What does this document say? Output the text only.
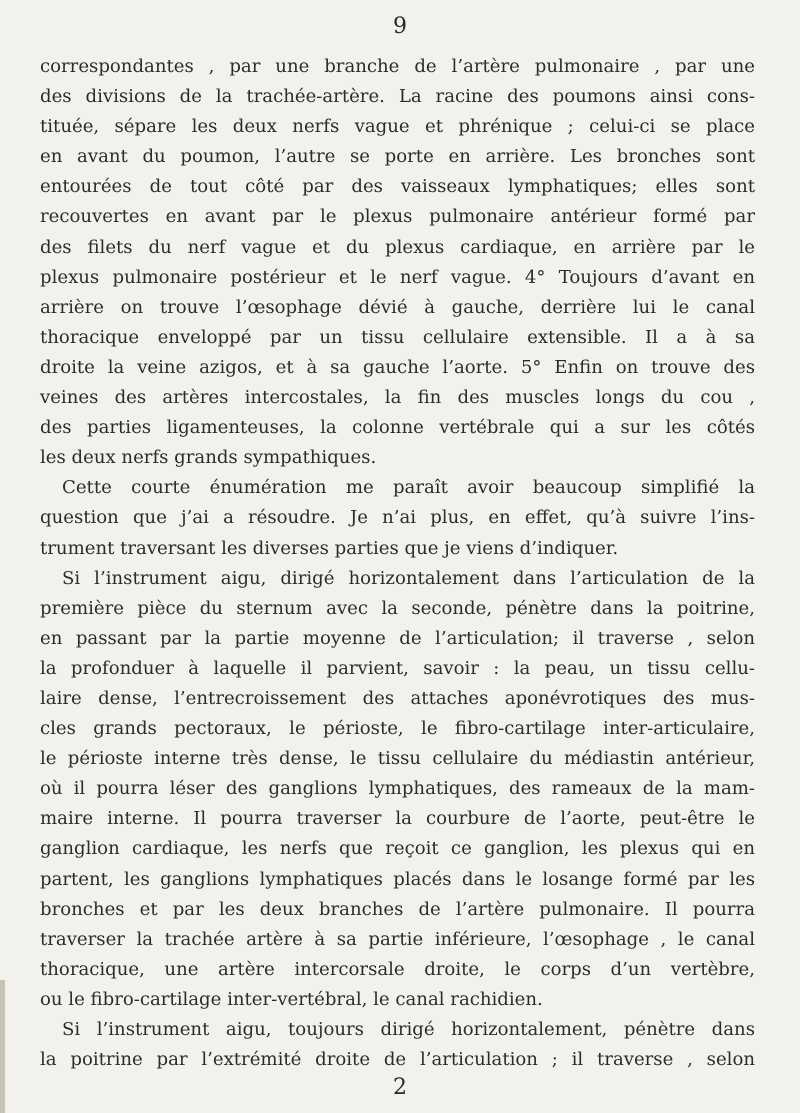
9
correspondantes , par une branche de l’artère pulmonaire , par une
des divisions de la trachée-artère. La racine des poumons ainsi cons-
tituée, sépare les deux nerfs vague et phrénique ; celui-ci se place
en avant du poumon, l’autre se porte en arrière. Les bronches sont
entourées de tout côté par des vaisseaux lymphatiques; elles sont
recouvertes en avant par le plexus pulmonaire antérieur formé par
des filets du nerf vague et du plexus cardiaque, en arrière par le
plexus pulmonaire postérieur et le nerf vague. 4° Toujours d’avant en
arrière on trouve l’œsophage dévié à gauche, derrière lui le canal
thoracique enveloppé par un tissu cellulaire extensible. Il a à sa
droite la veine azigos, et à sa gauche l’aorte. 5° Enfin on trouve des
veines des artères intercostales, la fin des muscles longs du cou ,
des parties ligamenteuses, la colonne vertébrale qui a sur les côtés
les deux nerfs grands sympathiques.
Cette courte énumération me paraît avoir beaucoup simplifié la
question que j’ai a résoudre. Je n’ai plus, en effet, qu’à suivre l’ins-
trument traversant les diverses parties que je viens d’indiquer.
Si l’instrument aigu, dirigé horizontalement dans l’articulation de la
première pièce du sternum avec la seconde, pénètre dans la poitrine,
en passant par la partie moyenne de l’articulation; il traverse , selon
la profonduer à laquelle il parvient, savoir : la peau, un tissu cellu-
laire dense, l’entrecroissement des attaches aponévrotiques des mus-
cles grands pectoraux, le périoste, le fibro-cartilage inter-articulaire,
le périoste interne très dense, le tissu cellulaire du médiastin antérieur,
où il pourra léser des ganglions lymphatiques, des rameaux de la mam-
maire interne. Il pourra traverser la courbure de l’aorte, peut-être le
ganglion cardiaque, les nerfs que reçoit ce ganglion, les plexus qui en
partent, les ganglions lymphatiques placés dans le losange formé par les
bronches et par les deux branches de l’artère pulmonaire. Il pourra
traverser la trachée artère à sa partie inférieure, l’œsophage , le canal
thoracique, une artère intercorsale droite, le corps d’un vertèbre,
ou le fibro-cartilage inter-vertébral, le canal rachidien.
Si l’instrument aigu, toujours dirigé horizontalement, pénètre dans
la poitrine par l’extrémité droite de l’articulation ; il traverse , selon
2
